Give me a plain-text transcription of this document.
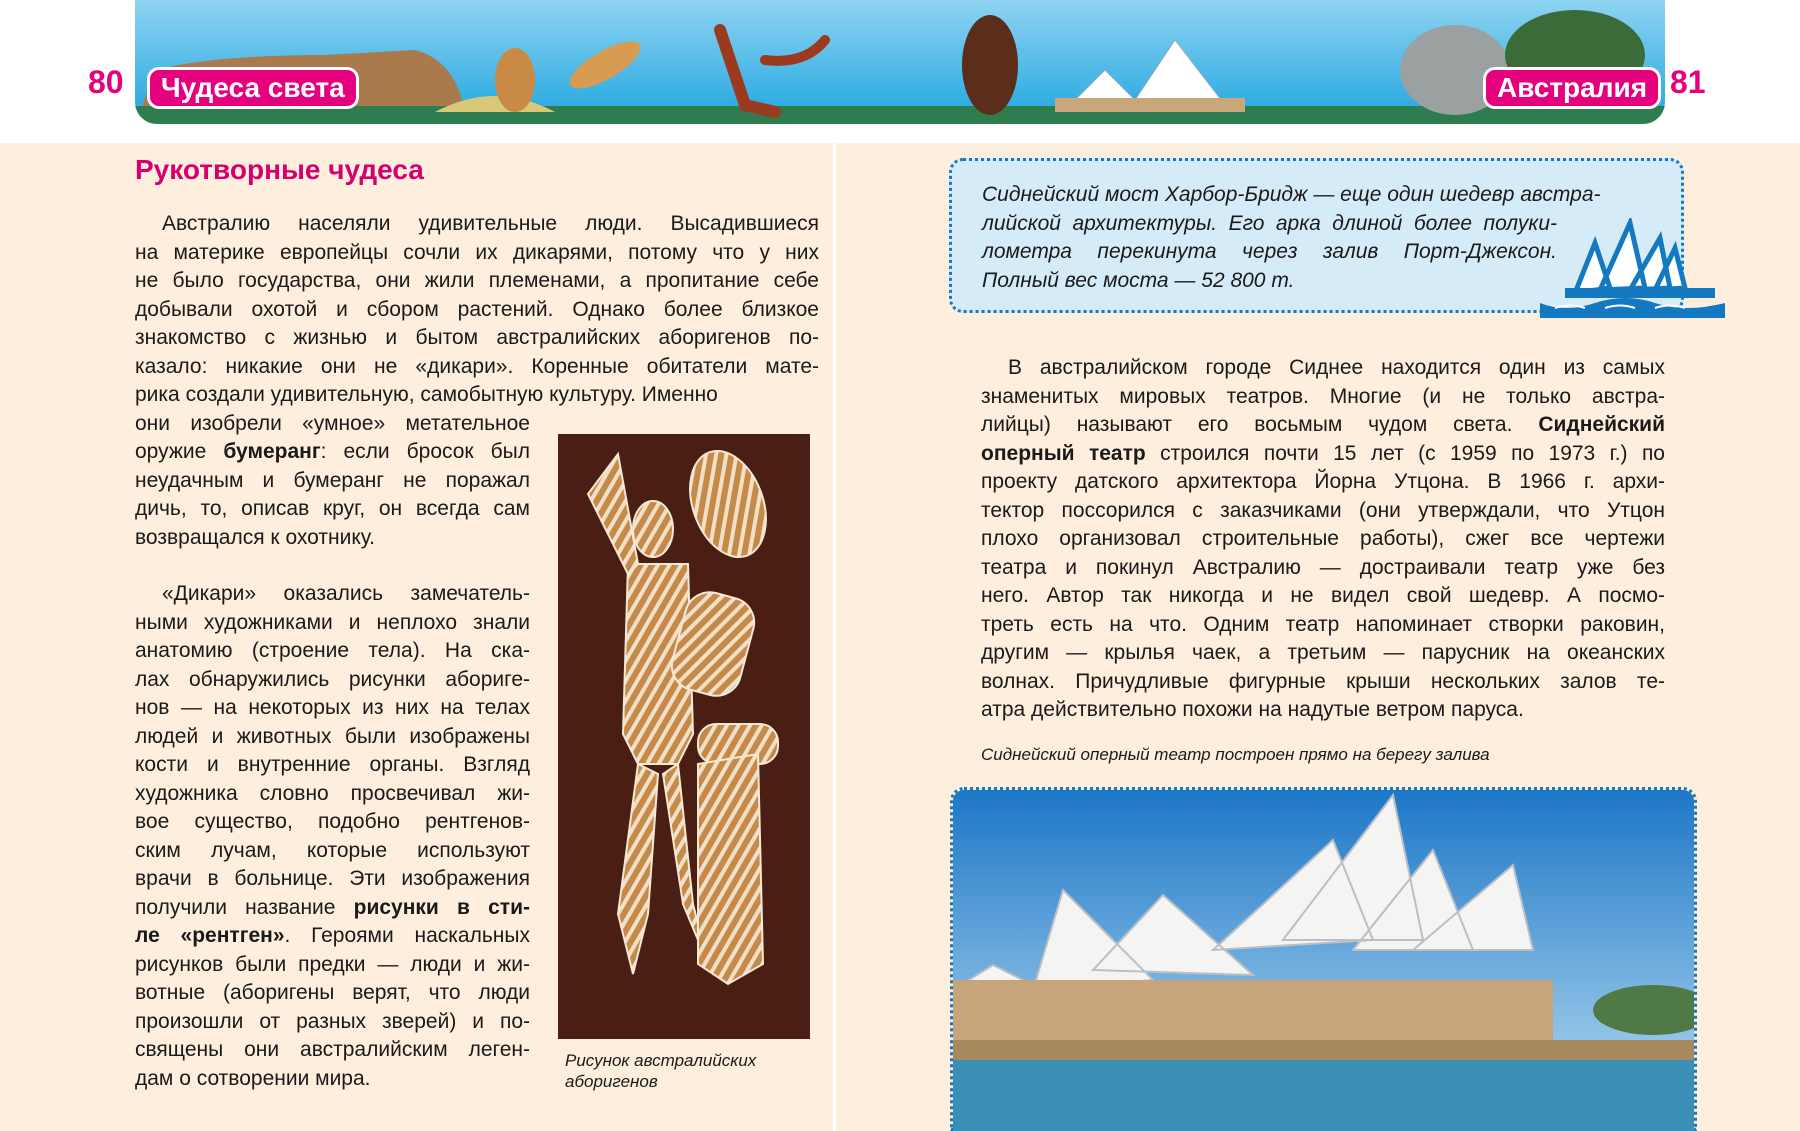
80	Чудеса света	Австралия 81
Рукотворные чудеса
Австралию населяли удивительные люди. Высадившиеся
на материке европейцы сочли их дикарями, потому что у них
не было государства, они жили племенами, а пропитание себе
добывали охотой и сбором растений. Однако более близкое
знакомство с жизнью и бытом австралийских аборигенов по-
казало: никакие они не «дикари». Коренные обитатели мате-
рика создали удивительную, самобытную культуру. Именно
они изобрели «умное» метательное
оружие бумеранг: если бросок был
неудачным и бумеранг не поражал
дичь, то, описав круг, он всегда сам
возвращался к охотнику.
«Дикари» оказались замечатель-
ными художниками и неплохо знали
анатомию (строение тела). На ска-
лах обнаружились рисунки абориге-
нов — на некоторых из них на телах
людей и животных были изображены
кости и внутренние органы. Взгляд
художника словно просвечивал жи-
вое существо, подобно рентгенов-
ским лучам, которые используют
врачи в больнице. Эти изображения
получили название рисунки в сти-
ле «рентген». Героями наскальных
рисунков были предки — люди и жи-
вотные (аборигены верят, что люди
произошли от разных зверей) и по-
священы они австралийским леген-
дам о сотворении мира.
Рисунок австралийских
аборигенов
Сиднейский мост Харбор-Бридж — еще один шедевр австра-
лийской архитектуры. Его арка длиной более полуки-
лометра перекинута через залив Порт-Джексон.
Полный вес моста — 52 800 т.
В австралийском городе Сиднее находится один из самых
знаменитых мировых театров. Многие (и не только австра-
лийцы) называют его восьмым чудом света. Сиднейский
оперный театр строился почти 15 лет (с 1959 по 1973 г.) по
проекту датского архитектора Йорна Утцона. В 1966 г. архи-
тектор поссорился с заказчиками (они утверждали, что Утцон
плохо организовал строительные работы), сжег все чертежи
театра и покинул Австралию — достраивали театр уже без
него. Автор так никогда и не видел свой шедевр. А посмо-
треть есть на что. Одним театр напоминает створки раковин,
другим — крылья чаек, а третьим — парусник на океанских
волнах. Причудливые фигурные крыши нескольких залов те-
атра действительно похожи на надутые ветром паруса.
Сиднейский оперный театр построен прямо на берегу залива
